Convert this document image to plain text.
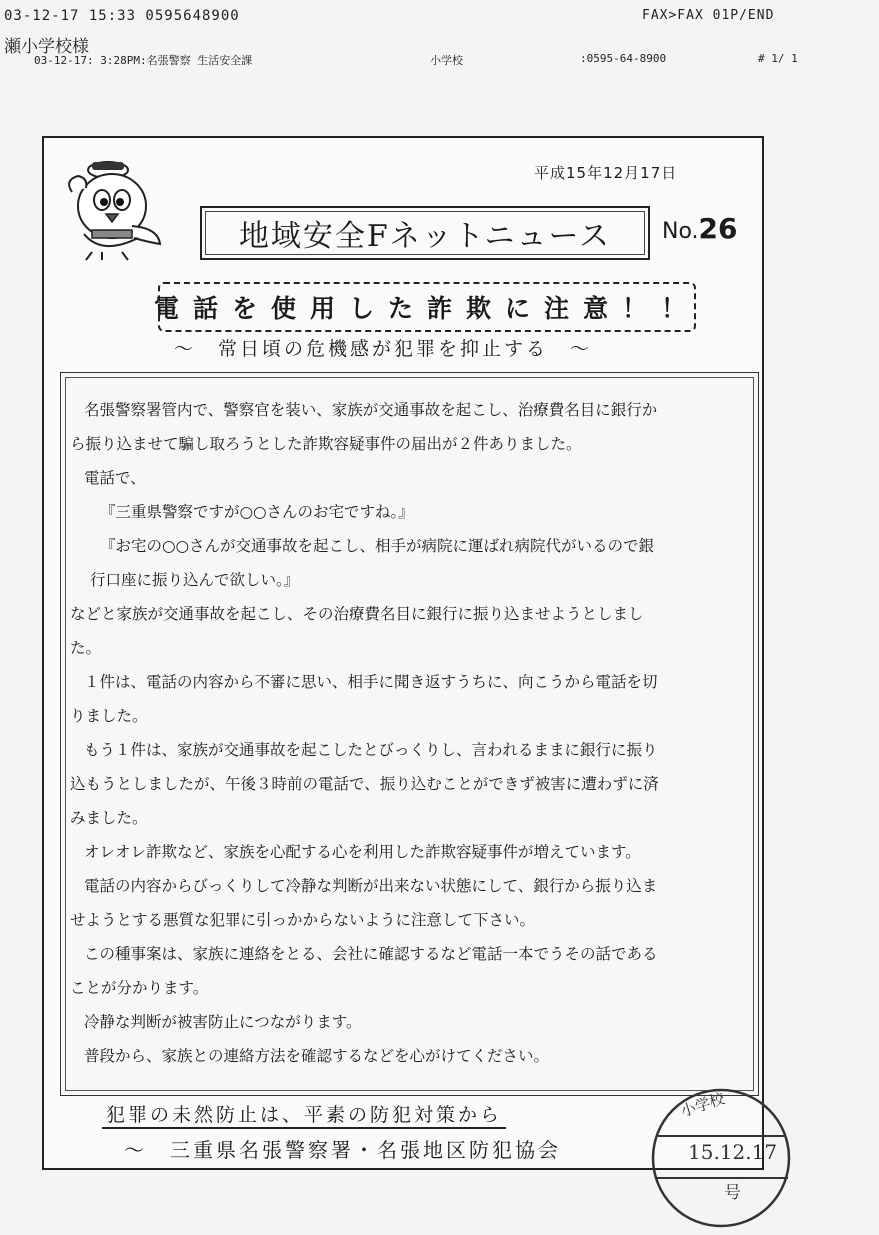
03-12-17 15:33 0595648900	FAX>FAX 01P/END
瀬小学校様
03-12-17: 3:28PM:名張警察 生活安全課	小学校	:0595-64-8900	# 1/ 1
平成15年12月17日
地域安全Fネットニュース No.26
電話を使用した詐欺に注意！！
〜　常日頃の危機感が犯罪を抑止する　〜

名張警察署管内で、警察官を装い、家族が交通事故を起こし、治療費名目に銀行か

ら振り込ませて騙し取ろうとした詐欺容疑事件の届出が２件ありました。

電話で、

『三重県警察ですが○○さんのお宅ですね。』

『お宅の○○さんが交通事故を起こし、相手が病院に運ばれ病院代がいるので銀

行口座に振り込んで欲しい。』

などと家族が交通事故を起こし、その治療費名目に銀行に振り込ませようとしまし

た。

１件は、電話の内容から不審に思い、相手に聞き返すうちに、向こうから電話を切

りました。

もう１件は、家族が交通事故を起こしたとびっくりし、言われるままに銀行に振り

込もうとしましたが、午後３時前の電話で、振り込むことができず被害に遭わずに済

みました。

オレオレ詐欺など、家族を心配する心を利用した詐欺容疑事件が増えています。

電話の内容からびっくりして冷静な判断が出来ない状態にして、銀行から振り込ま

せようとする悪質な犯罪に引っかからないように注意して下さい。

この種事案は、家族に連絡をとる、会社に確認するなど電話一本でうその話である

ことが分かります。

冷静な判断が被害防止につながります。

普段から、家族との連絡方法を確認するなどを心がけてください。

犯罪の未然防止は、平素の防犯対策から
〜　三重県名張警察署・名張地区防犯協会
小学校
15.12.17
号
